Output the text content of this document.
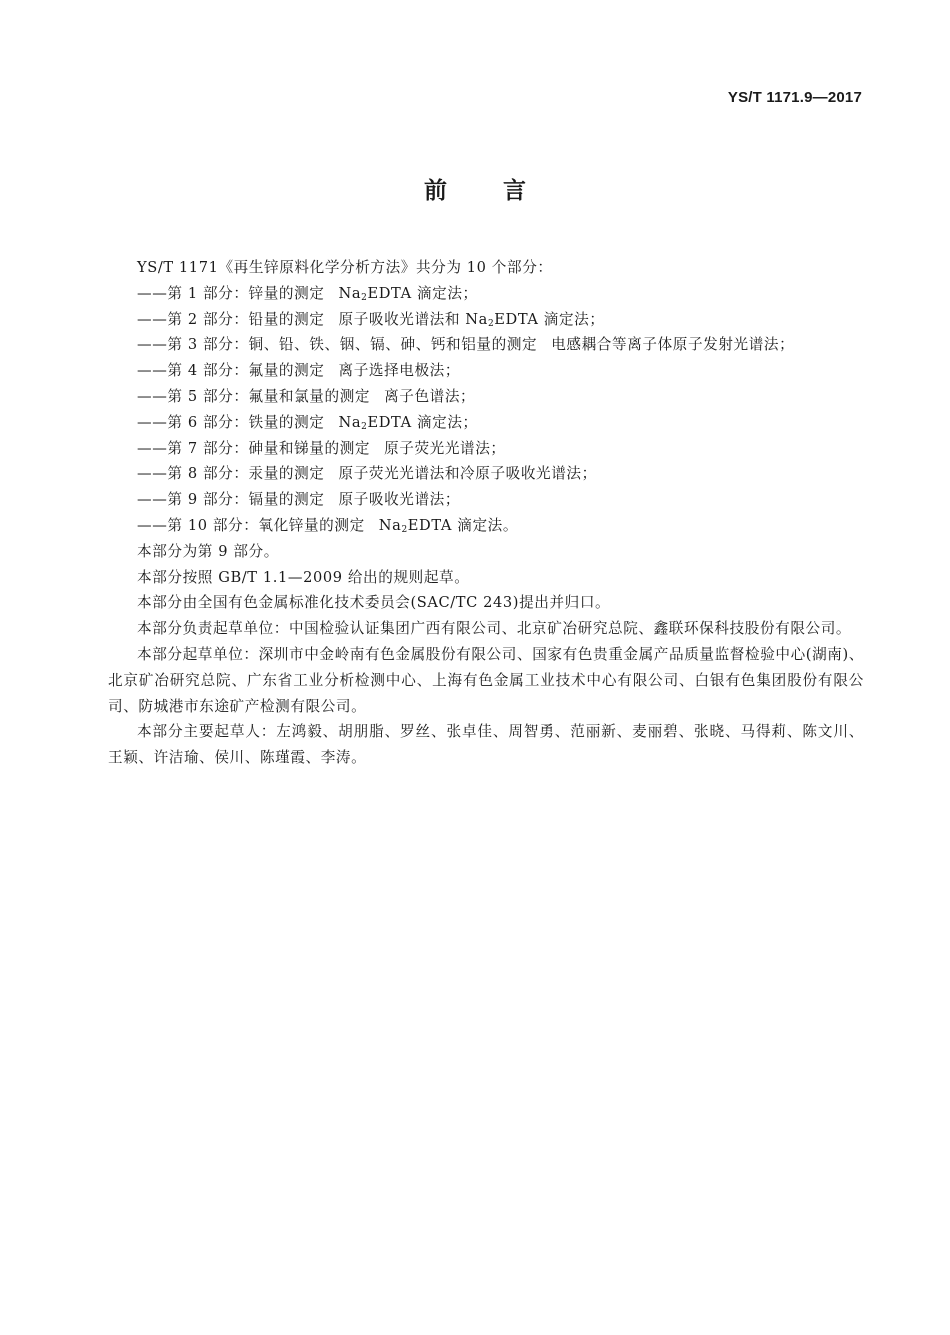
YS/T 1171.9—2017
前 言

YS/T 1171《再生锌原料化学分析方法》共分为 10 个部分：

——第 1 部分：锌量的测定 $Na_2EDTA$ 滴定法；

——第 2 部分：铅量的测定 原子吸收光谱法和 $Na_2EDTA$ 滴定法；

——第 3 部分：铜、铅、铁、铟、镉、砷、钙和铝量的测定 电感耦合等离子体原子发射光谱法；

——第 4 部分：氟量的测定 离子选择电极法；

——第 5 部分：氟量和氯量的测定 离子色谱法；

——第 6 部分：铁量的测定 $Na_2EDTA$ 滴定法；

——第 7 部分：砷量和锑量的测定 原子荧光光谱法；

——第 8 部分：汞量的测定 原子荧光光谱法和冷原子吸收光谱法；

——第 9 部分：镉量的测定 原子吸收光谱法；

——第 10 部分：氧化锌量的测定 $Na_2EDTA$ 滴定法。

本部分为第 9 部分。

本部分按照 GB/T 1.1—2009 给出的规则起草。

本部分由全国有色金属标准化技术委员会(SAC/TC 243)提出并归口。

本部分负责起草单位：中国检验认证集团广西有限公司、北京矿冶研究总院、鑫联环保科技股份有限公司。

本部分起草单位：深圳市中金岭南有色金属股份有限公司、国家有色贵重金属产品质量监督检验中心(湖南)、北京矿冶研究总院、广东省工业分析检测中心、上海有色金属工业技术中心有限公司、白银有色集团股份有限公司、防城港市东途矿产检测有限公司。

本部分主要起草人：左鸿毅、胡朋脂、罗丝、张卓佳、周智勇、范丽新、麦丽碧、张晓、马得莉、陈文川、王颖、许洁瑜、侯川、陈瑾霞、李涛。
